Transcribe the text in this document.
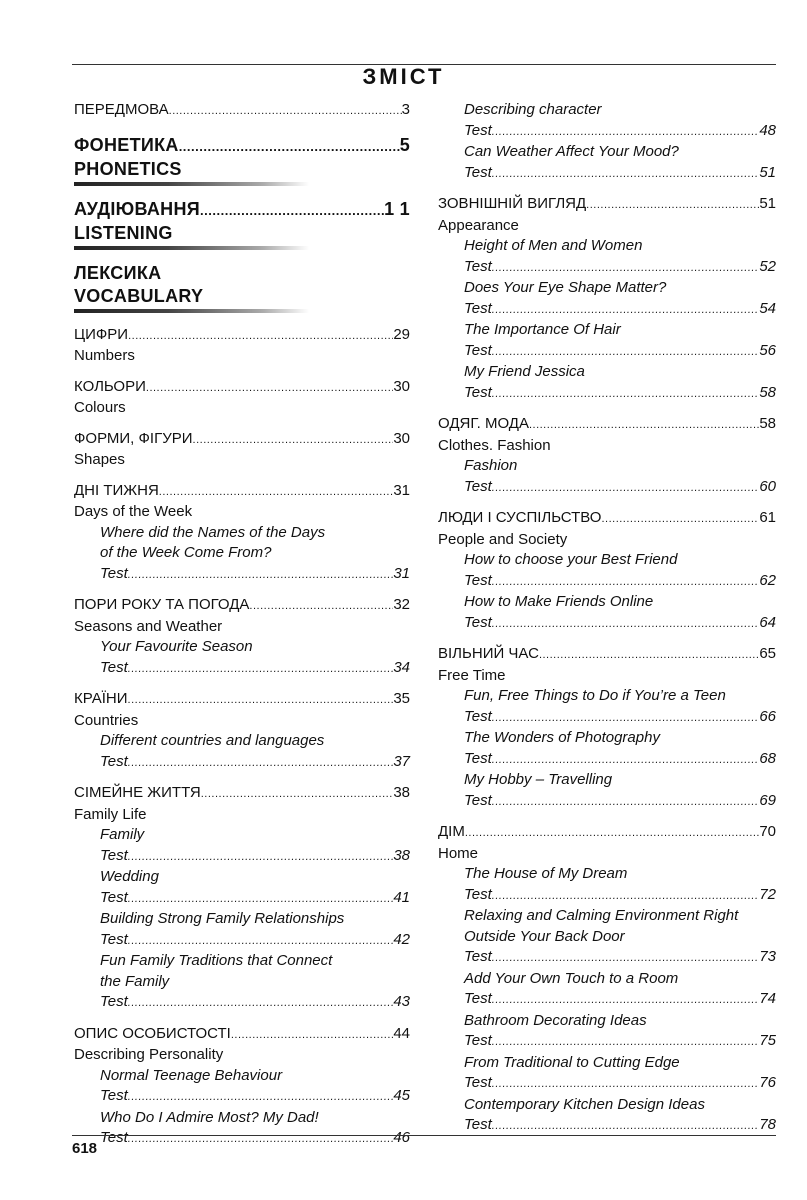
ЗМІСТ
ПЕРЕДМОВА .....	3
ФОНЕТИКА .....	5
PHONETICS
АУДІЮВАННЯ .....	1 1
LISTENING
ЛЕКСИКА
VOCABULARY
ЦИФРИ .....	29
Numbers
КОЛЬОРИ .....	30
Colours
ФОРМИ, ФІГУРИ .....	30
Shapes
ДНІ ТИЖНЯ .....	31
Days of the Week
Where did the Names of the Days
of the Week Come From?
Test .....	31
ПОРИ РОКУ ТА ПОГОДА .....	32
Seasons and Weather
Your Favourite Season
Test .....	34
КРАЇНИ .....	35
Countries
Different countries and languages
Test .....	37
СІМЕЙНЕ ЖИТТЯ .....	38
Family Life
Family
Test .....	38
Wedding
Test .....	41
Building Strong Family Relationships
Test .....	42
Fun Family Traditions that Connect
the Family
Test .....	43
ОПИС ОСОБИСТОСТІ .....	44
Describing Personality
Normal Teenage Behaviour
Test .....	45
Who Do I Admire Most? My Dad!
Test .....	46
Describing character
Test .....	48
Can Weather Affect Your Mood?
Test .....	51
ЗОВНІШНІЙ ВИГЛЯД .....	51
Appearance
Height of Men and Women
Test .....	52
Does Your Eye Shape Matter?
Test .....	54
The Importance Of Hair
Test .....	56
My Friend Jessica
Test .....	58
ОДЯГ. МОДА .....	58
Clothes. Fashion
Fashion
Test .....	60
ЛЮДИ І СУСПІЛЬСТВО .....	61
People and Society
How to choose your Best Friend
Test .....	62
How to Make Friends Online
Test .....	64
ВІЛЬНИЙ ЧАС .....	65
Free Time
Fun, Free Things to Do if You’re a Teen
Test .....	66
The Wonders of Photography
Test .....	68
My Hobby – Travelling
Test .....	69
ДІМ .....	70
Home
The House of My Dream
Test .....	72
Relaxing and Calming Environment Right
Outside Your Back Door
Test .....	73
Add Your Own Touch to a Room
Test .....	74
Bathroom Decorating Ideas
Test .....	75
From Traditional to Cutting Edge
Test .....	76
Contemporary Kitchen Design Ideas
Test .....	78
618
